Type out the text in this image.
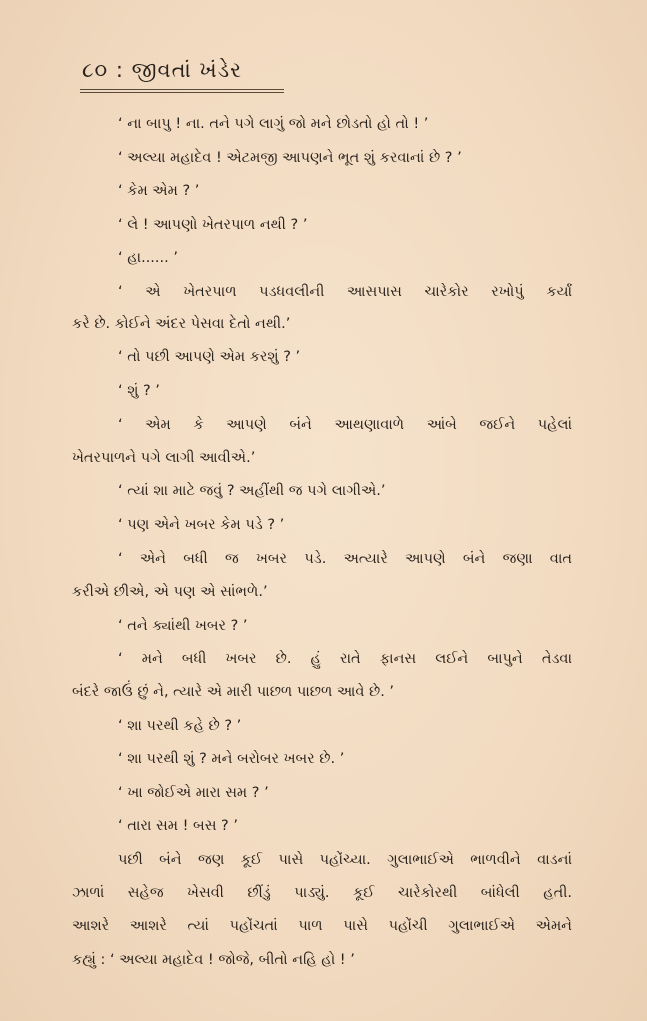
૮૦ : જીવતાં ખંડેર
‘ ના બાપુ ! ના. તને પગે લાગું જો મને છોડતો હો તો ! ’
‘ અલ્યા મહાદેવ ! એટમજી આપણને ભૂત શું કરવાનાં છે ? ’
‘ કેમ એમ ? ’
‘ લે ! આપણો ખેતરપાળ નથી ? ’
‘ હા...... ’
‘ એ ખેતરપાળ પડધવલીની આસપાસ ચારેકોર રખોપું કર્યાં
કરે છે. કોઈને અંદર પેસવા દેતો નથી.’
‘ તો પછી આપણે એમ કરશું ? ’
‘ શું ? ’
‘ એમ કે આપણે બંને આથણાવાળે આંબે જઈને પહેલાં
ખેતરપાળને પગે લાગી આવીએ.’
‘ ત્યાં શા માટે જવું ? અહીંથી જ પગે લાગીએ.’
‘ પણ એને ખબર કેમ પડે ? ’
‘ એને બધી જ ખબર પડે. અત્યારે આપણે બંને જણા વાત
કરીએ છીએ, એ પણ એ સાંભળે.’
‘ તને ક્યાંથી ખબર ? ’
‘ મને બધી ખબર છે. હું રાતે ફાનસ લઈને બાપુને તેડવા
બંદરે જાઉં છું ને, ત્યારે એ મારી પાછળ પાછળ આવે છે. ’
‘ શા પરથી કહે છે ? ’
‘ શા પરથી શું ? મને બરોબર ખબર છે. ’
‘ ખા જોઈએ મારા સમ ? ’
‘ તારા સમ ! બસ ? ’
પછી બંને જણ કૂઈ પાસે પહોંચ્યા. ગુલાભાઈએ ભાળવીને વાડનાં
ઝાળાં સહેજ ખેસવી છીંડું પાડ્યું. કૂઈ ચારેકોરથી બાંધેલી હતી.
આશરે આશરે ત્યાં પહોંચતાં પાળ પાસે પહોંચી ગુલાભાઈએ એમને
કહ્યું : ‘ અલ્યા મહાદેવ ! જોજે, બીતો નહિ હો ! ’
